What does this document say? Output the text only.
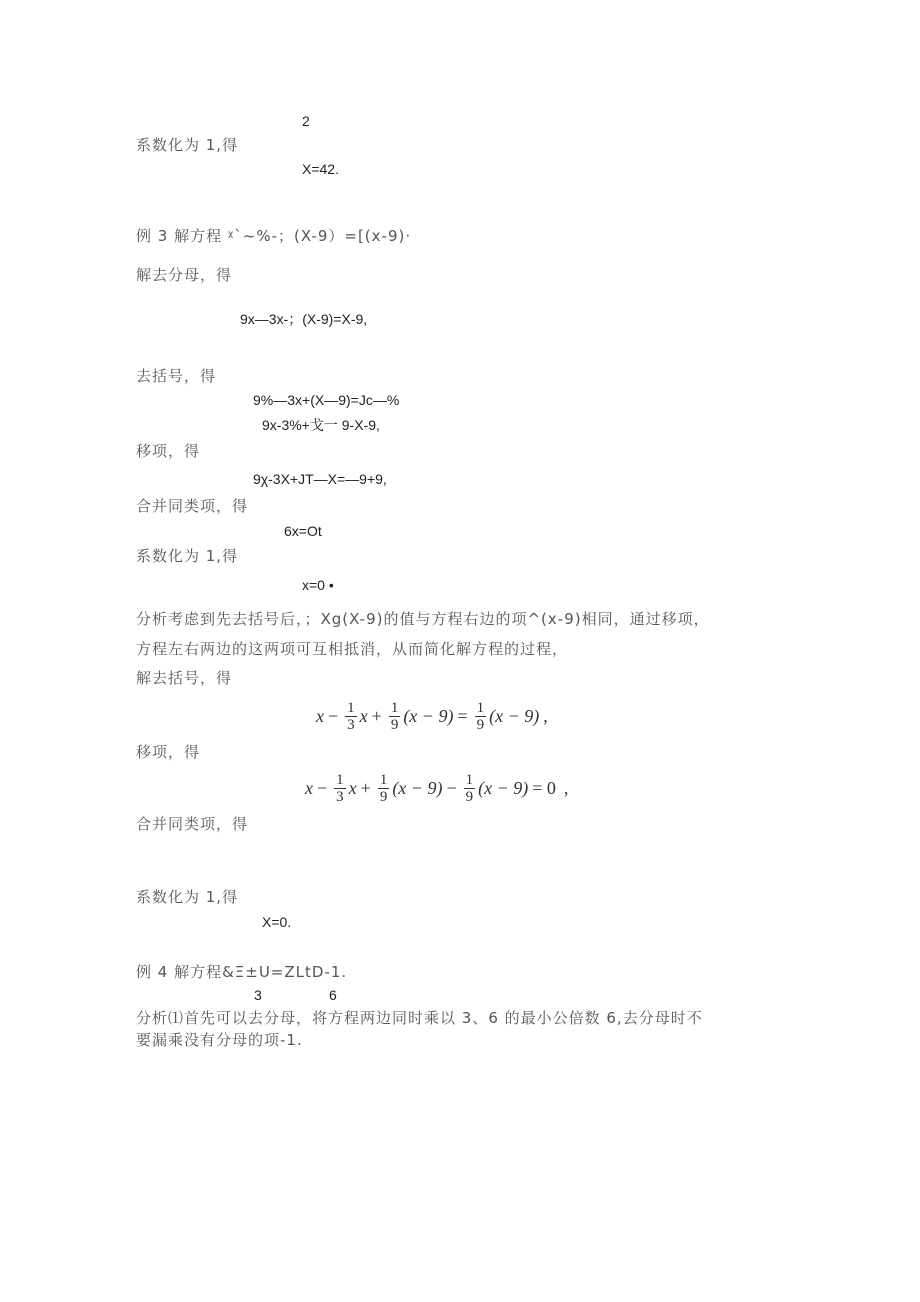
2
系数化为 1,得
X=42.
例 3 解方程 ᵡ`~%-；(X-9）=[(x-9)·
解去分母，得
9x—3x-；(X-9)=X-9,
去括号，得
9%—3x+(X—9)=Jc—%
9x-3%+戈一 9-X-9,
移项，得
9χ-3X+JT—X=—9+9,
合并同类项，得
6x=Ot
系数化为 1,得
x=0 •
分析考虑到先去括号后，；Xg(X-9)的值与方程右边的项^(x-9)相同，通过移项，
方程左右两边的这两项可互相抵消，从而简化解方程的过程，
解去括号，得
$x - \frac{1}{3}$ $x + \frac{1}{9} (x - 9) = \frac{1}{9} (x - 9)$ ,
移项，得
$x - \frac{1}{3}$ $x + \frac{1}{9} (x - 9) - \frac{1}{9} (x - 9) = 0$ ,
合并同类项，得
系数化为 1,得
X=0.
例 4 解方程&Ξ±U=ZLtD-1.
3	6
分析⑴首先可以去分母，将方程两边同时乘以 3、6 的最小公倍数 6,去分母时不
要漏乘没有分母的项-1.
